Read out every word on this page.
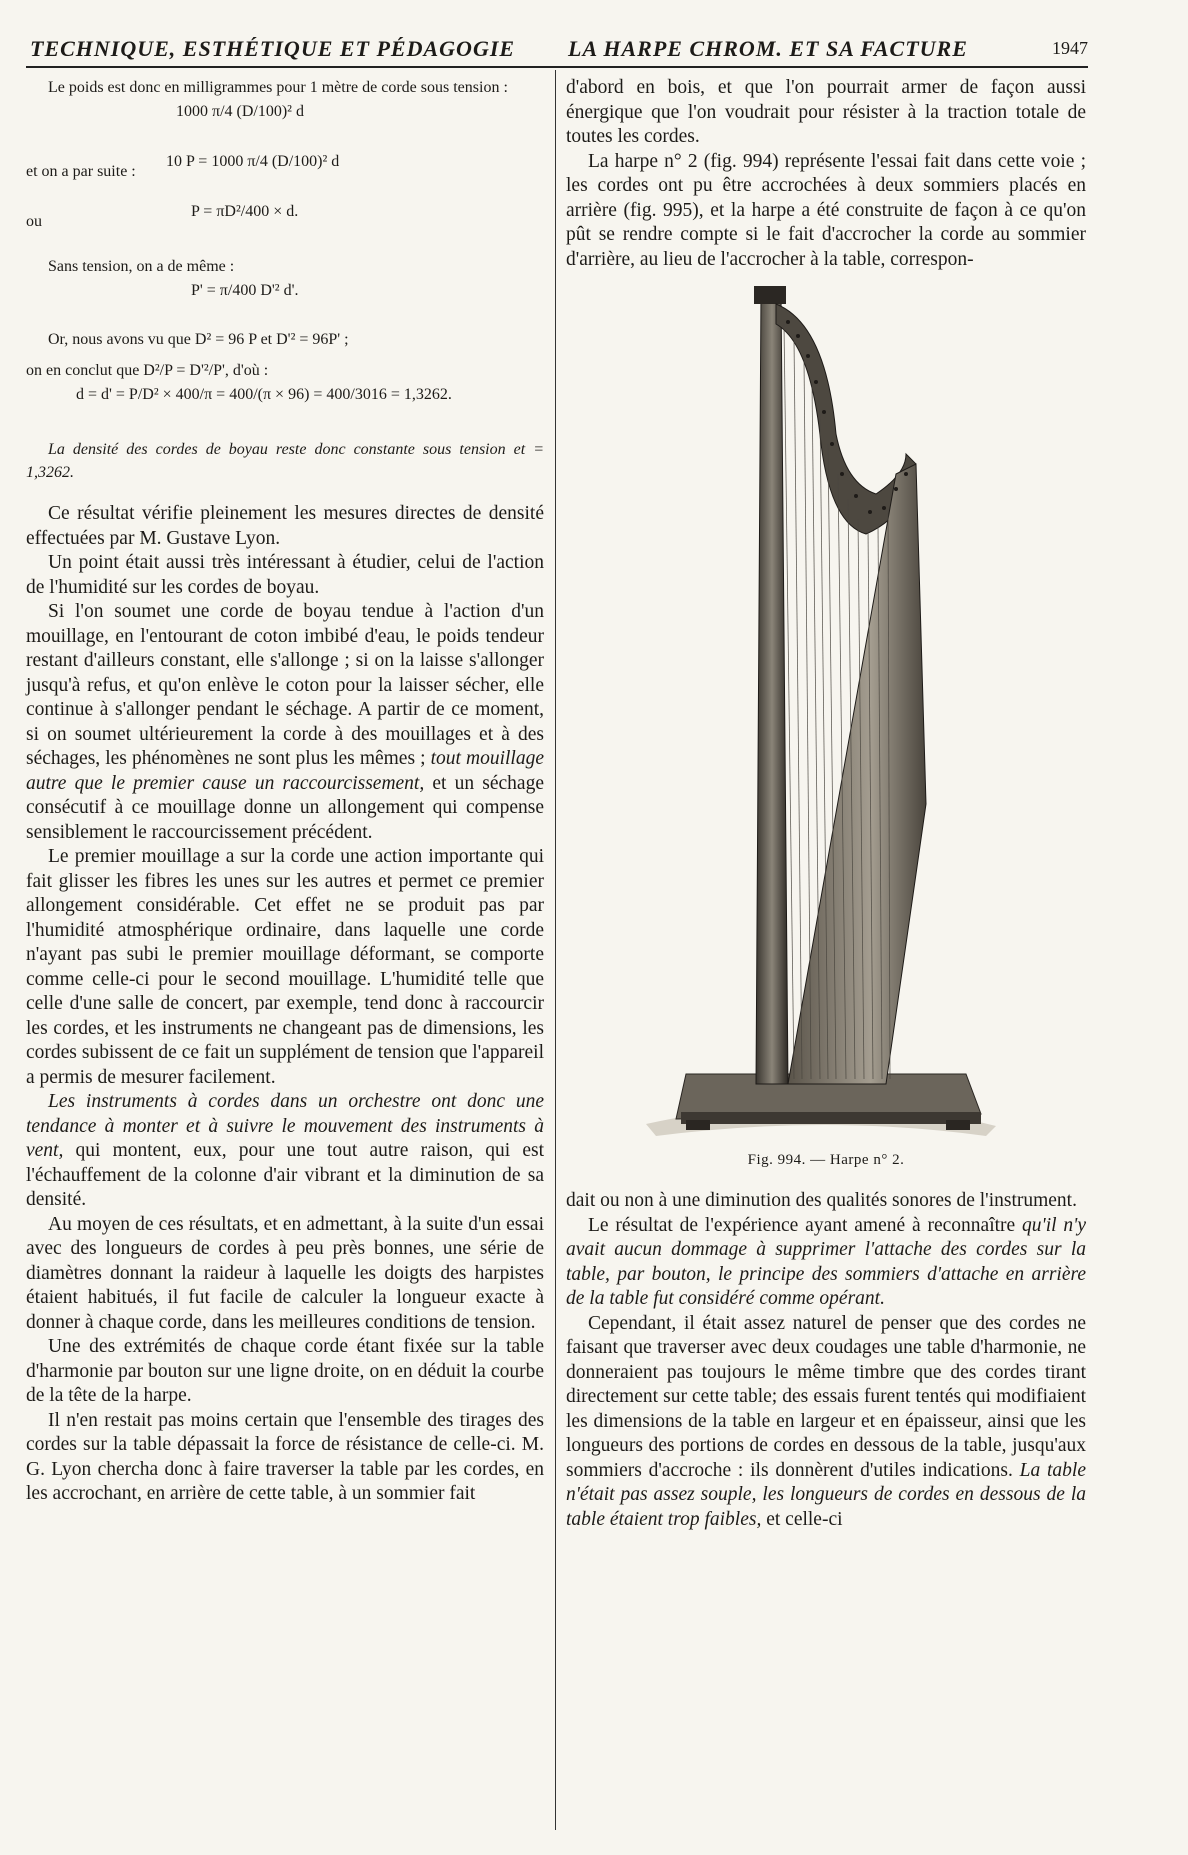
TECHNIQUE, ESTHÉTIQUE ET PÉDAGOGIE LA HARPE CHROM. ET SA FACTURE	1947

Le poids est donc en milligrammes pour 1 mètre de corde sous tension :

1000 π/4 (D/100)² d
et on a par suite :
10 P = 1000 π/4 (D/100)² d
ou
P = πD²/400 × d.

Sans tension, on a de même :

P' = π/400 D'² d'.

Or, nous avons vu que D² = 96 P et D'² = 96P' ;

on en conclut que D²/P = D'²/P', d'où :

d = d' = P/D² × 400/π = 400/(π × 96) = 400/3016 = 1,3262.

La densité des cordes de boyau reste donc constante sous tension et = 1,3262.

Ce résultat vérifie pleinement les mesures directes de densité effectuées par M. Gustave Lyon.

Un point était aussi très intéressant à étudier, celui de l'action de l'humidité sur les cordes de boyau.

Si l'on soumet une corde de boyau tendue à l'action d'un mouillage, en l'entourant de coton imbibé d'eau, le poids tendeur restant d'ailleurs constant, elle s'allonge ; si on la laisse s'allonger jusqu'à refus, et qu'on enlève le coton pour la laisser sécher, elle continue à s'allonger pendant le séchage. A partir de ce moment, si on soumet ultérieurement la corde à des mouillages et à des séchages, les phénomènes ne sont plus les mêmes ; tout mouillage autre que le premier cause un raccourcissement, et un séchage consécutif à ce mouillage donne un allongement qui compense sensiblement le raccourcissement précédent.

Le premier mouillage a sur la corde une action importante qui fait glisser les fibres les unes sur les autres et permet ce premier allongement considérable. Cet effet ne se produit pas par l'humidité atmosphérique ordinaire, dans laquelle une corde n'ayant pas subi le premier mouillage déformant, se comporte comme celle-ci pour le second mouillage. L'humidité telle que celle d'une salle de concert, par exemple, tend donc à raccourcir les cordes, et les instruments ne changeant pas de dimensions, les cordes subissent de ce fait un supplément de tension que l'appareil a permis de mesurer facilement.

Les instruments à cordes dans un orchestre ont donc une tendance à monter et à suivre le mouvement des instruments à vent, qui montent, eux, pour une tout autre raison, qui est l'échauffement de la colonne d'air vibrant et la diminution de sa densité.

Au moyen de ces résultats, et en admettant, à la suite d'un essai avec des longueurs de cordes à peu près bonnes, une série de diamètres donnant la raideur à laquelle les doigts des harpistes étaient habitués, il fut facile de calculer la longueur exacte à donner à chaque corde, dans les meilleures conditions de tension.

Une des extrémités de chaque corde étant fixée sur la table d'harmonie par bouton sur une ligne droite, on en déduit la courbe de la tête de la harpe.

Il n'en restait pas moins certain que l'ensemble des tirages des cordes sur la table dépassait la force de résistance de celle-ci. M. G. Lyon chercha donc à faire traverser la table par les cordes, en les accrochant, en arrière de cette table, à un sommier fait

d'abord en bois, et que l'on pourrait armer de façon aussi énergique que l'on voudrait pour résister à la traction totale de toutes les cordes.

La harpe n° 2 (fig. 994) représente l'essai fait dans cette voie ; les cordes ont pu être accrochées à deux sommiers placés en arrière (fig. 995), et la harpe a été construite de façon à ce qu'on pût se rendre compte si le fait d'accrocher la corde au sommier d'arrière, au lieu de l'accrocher à la table, correspon-

Fig. 994. — Harpe n° 2.

dait ou non à une diminution des qualités sonores de l'instrument.

Le résultat de l'expérience ayant amené à reconnaître qu'il n'y avait aucun dommage à supprimer l'attache des cordes sur la table, par bouton, le principe des sommiers d'attache en arrière de la table fut considéré comme opérant.

Cependant, il était assez naturel de penser que des cordes ne faisant que traverser avec deux coudages une table d'harmonie, ne donneraient pas toujours le même timbre que des cordes tirant directement sur cette table; des essais furent tentés qui modifiaient les dimensions de la table en largeur et en épaisseur, ainsi que les longueurs des portions de cordes en dessous de la table, jusqu'aux sommiers d'accroche : ils donnèrent d'utiles indications. La table n'était pas assez souple, les longueurs de cordes en dessous de la table étaient trop faibles, et celle-ci
